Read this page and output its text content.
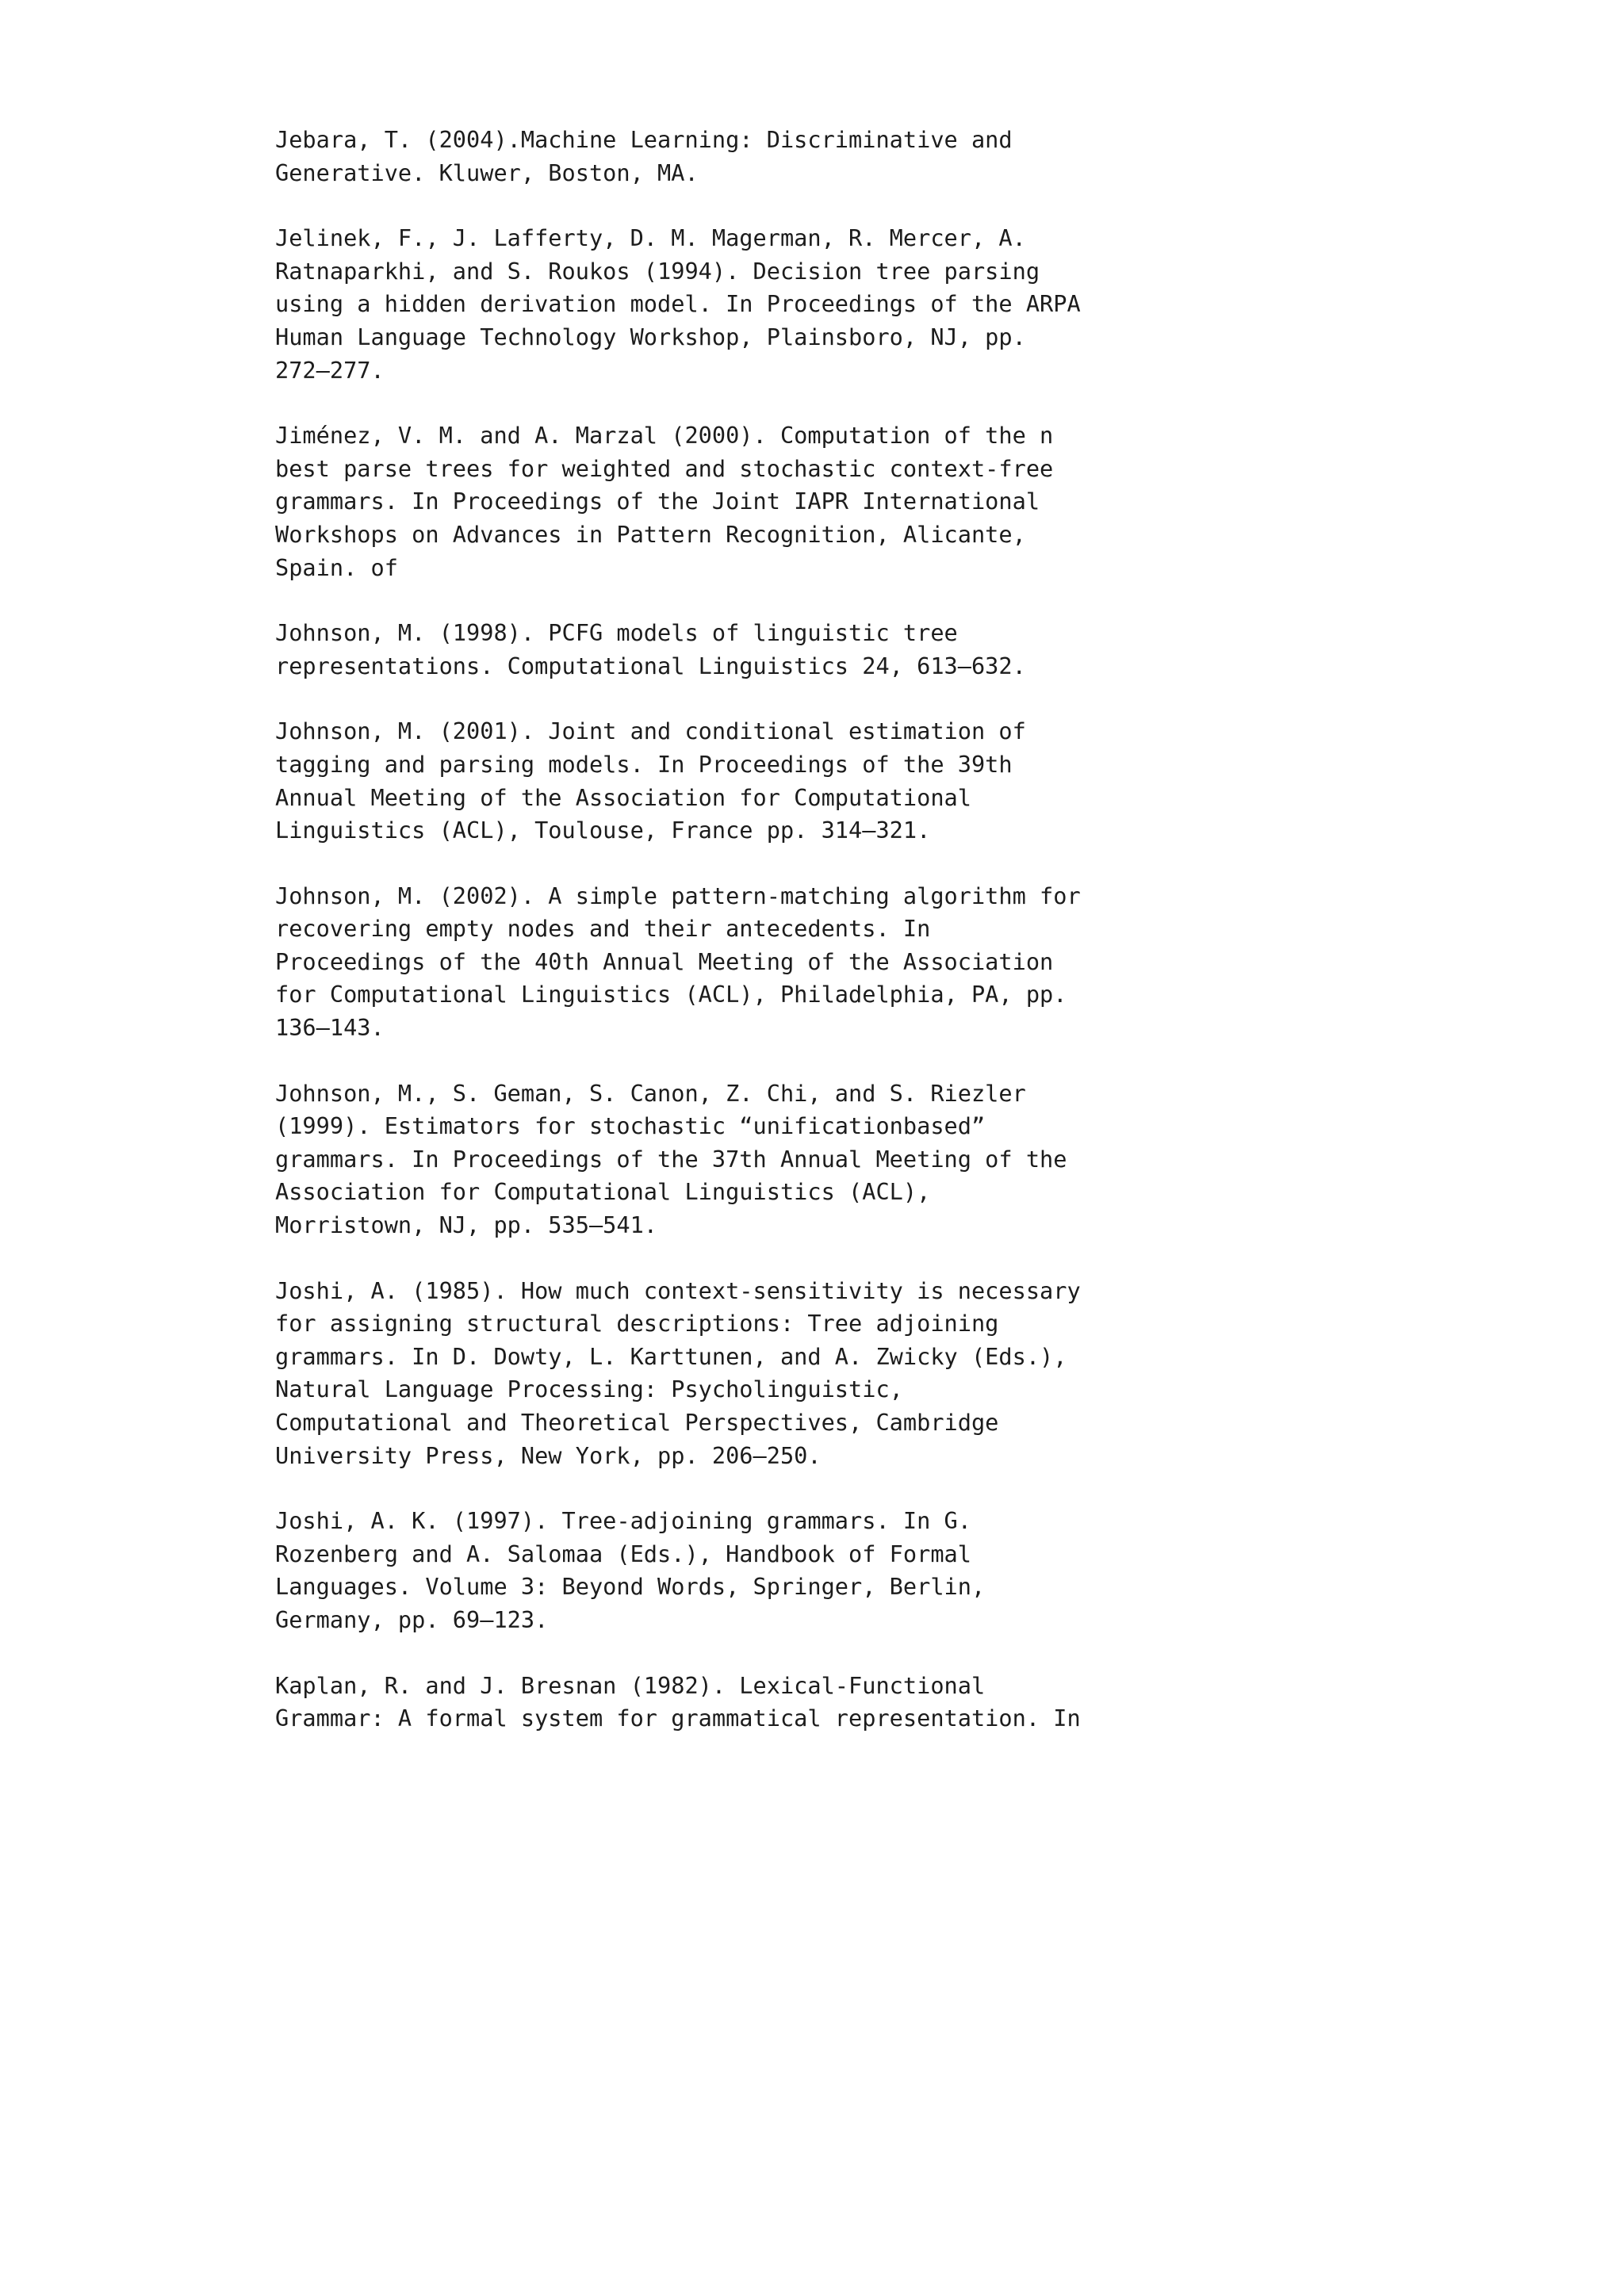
Jebara, T. (2004).Machine Learning: Discriminative and
Generative. Kluwer, Boston, MA.
Jelinek, F., J. Lafferty, D. M. Magerman, R. Mercer, A.
Ratnaparkhi, and S. Roukos (1994). Decision tree parsing
using a hidden derivation model. In Proceedings of the ARPA
Human Language Technology Workshop, Plainsboro, NJ, pp.
272–277.
Jiménez, V. M. and A. Marzal (2000). Computation of the n
best parse trees for weighted and stochastic context-free
grammars. In Proceedings of the Joint IAPR International
Workshops on Advances in Pattern Recognition, Alicante,
Spain. of
Johnson, M. (1998). PCFG models of linguistic tree
representations. Computational Linguistics 24, 613–632.
Johnson, M. (2001). Joint and conditional estimation of
tagging and parsing models. In Proceedings of the 39th
Annual Meeting of the Association for Computational
Linguistics (ACL), Toulouse, France pp. 314–321.
Johnson, M. (2002). A simple pattern-matching algorithm for
recovering empty nodes and their antecedents. In
Proceedings of the 40th Annual Meeting of the Association
for Computational Linguistics (ACL), Philadelphia, PA, pp.
136–143.
Johnson, M., S. Geman, S. Canon, Z. Chi, and S. Riezler
(1999). Estimators for stochastic “unificationbased”
grammars. In Proceedings of the 37th Annual Meeting of the
Association for Computational Linguistics (ACL),
Morristown, NJ, pp. 535–541.
Joshi, A. (1985). How much context-sensitivity is necessary
for assigning structural descriptions: Tree adjoining
grammars. In D. Dowty, L. Karttunen, and A. Zwicky (Eds.),
Natural Language Processing: Psycholinguistic,
Computational and Theoretical Perspectives, Cambridge
University Press, New York, pp. 206–250.
Joshi, A. K. (1997). Tree-adjoining grammars. In G.
Rozenberg and A. Salomaa (Eds.), Handbook of Formal
Languages. Volume 3: Beyond Words, Springer, Berlin,
Germany, pp. 69–123.
Kaplan, R. and J. Bresnan (1982). Lexical-Functional
Grammar: A formal system for grammatical representation. In
